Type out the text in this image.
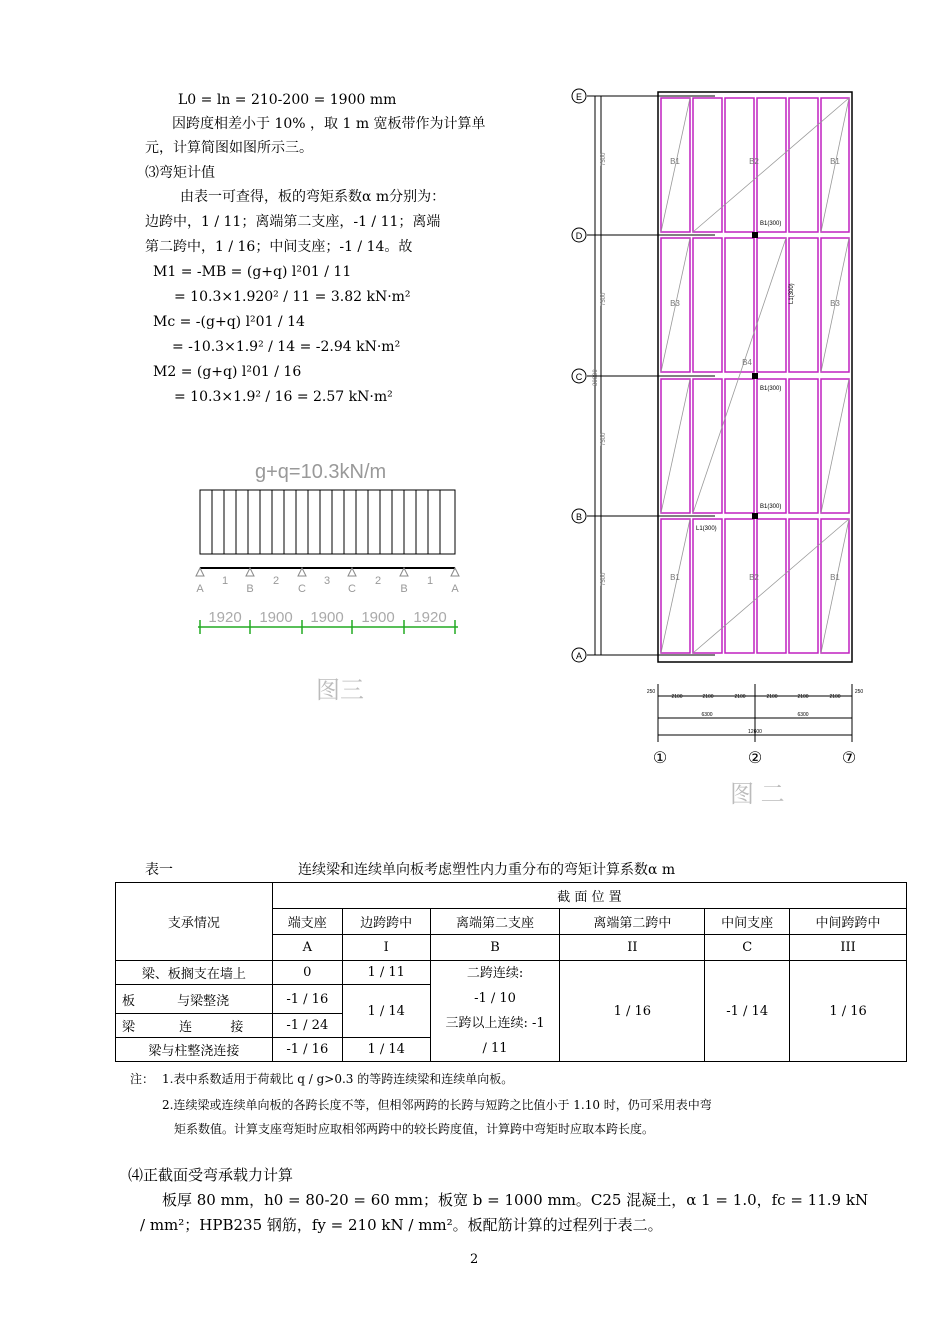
L0 = ln = 210-200 = 1900 mm
因跨度相差小于 10% ，取 1 m 宽板带作为计算单
元，计算简图如图所示三。
⑶弯矩计值
由表一可查得，板的弯矩系数α m分别为：
边跨中，1 / 11；离端第二支座，-1 / 11；离端
第二跨中，1 / 16；中间支座；-1 / 14。故
M1 = -MB = (g+q) l²01 / 11
= 10.3×1.920² / 11 = 3.82 kN·m²
Mc = -(g+q) l²01 / 14
= -10.3×1.9² / 14 = -2.94 kN·m²
M2 = (g+q) l²01 / 16
= 10.3×1.9² / 16 = 2.57 kN·m²
g+q=10.3kN/m
A
1
B
2
C
3
C
2
B
1
A
1920 1900 1900 1900 1920
图三
E
D
C
B
A
7500
7500
7500
7500
30000
B1	B2	B1
B3	B3
B4
B1	B2	B1
B1(300)
L1(300)
B1(300)
B1(300)
L1(300)
250
2100	2100	2100	2100	2100	2100
250
6300	6300
12600
①	②	⑦
图 二
表一	连续梁和连续单向板考虑塑性内力重分布的弯矩计算系数α m
支承情况	截 面 位 置					
	端支座	边跨跨中	离端第二支座	离端第二跨中	中间支座	中间跨跨中
	A	I	B	II	C	III
梁、板搁支在墙上	0	1 / 11	二跨连续:
-1 / 10
三跨以上连续: -1
/ 11	1 / 16	-1 / 14	1 / 16
板 与梁整浇	-1 / 16	1 / 14				
梁 连 接	-1 / 24					
梁与柱整浇连接	-1 / 16	1 / 14				
注： 1.表中系数适用于荷载比 q / g>0.3 的等跨连续梁和连续单向板。
2.连续梁或连续单向板的各跨长度不等，但相邻两跨的长跨与短跨之比值小于 1.10 时，仍可采用表中弯
矩系数值。计算支座弯矩时应取相邻两跨中的较长跨度值，计算跨中弯矩时应取本跨长度。
⑷正截面受弯承载力计算
板厚 80 mm，h0 = 80-20 = 60 mm；板宽 b = 1000 mm。C25 混凝土，α 1 = 1.0，fc = 11.9 kN
/ mm²；HPB235 钢筋，fy = 210 kN / mm²。板配筋计算的过程列于表二。
2
